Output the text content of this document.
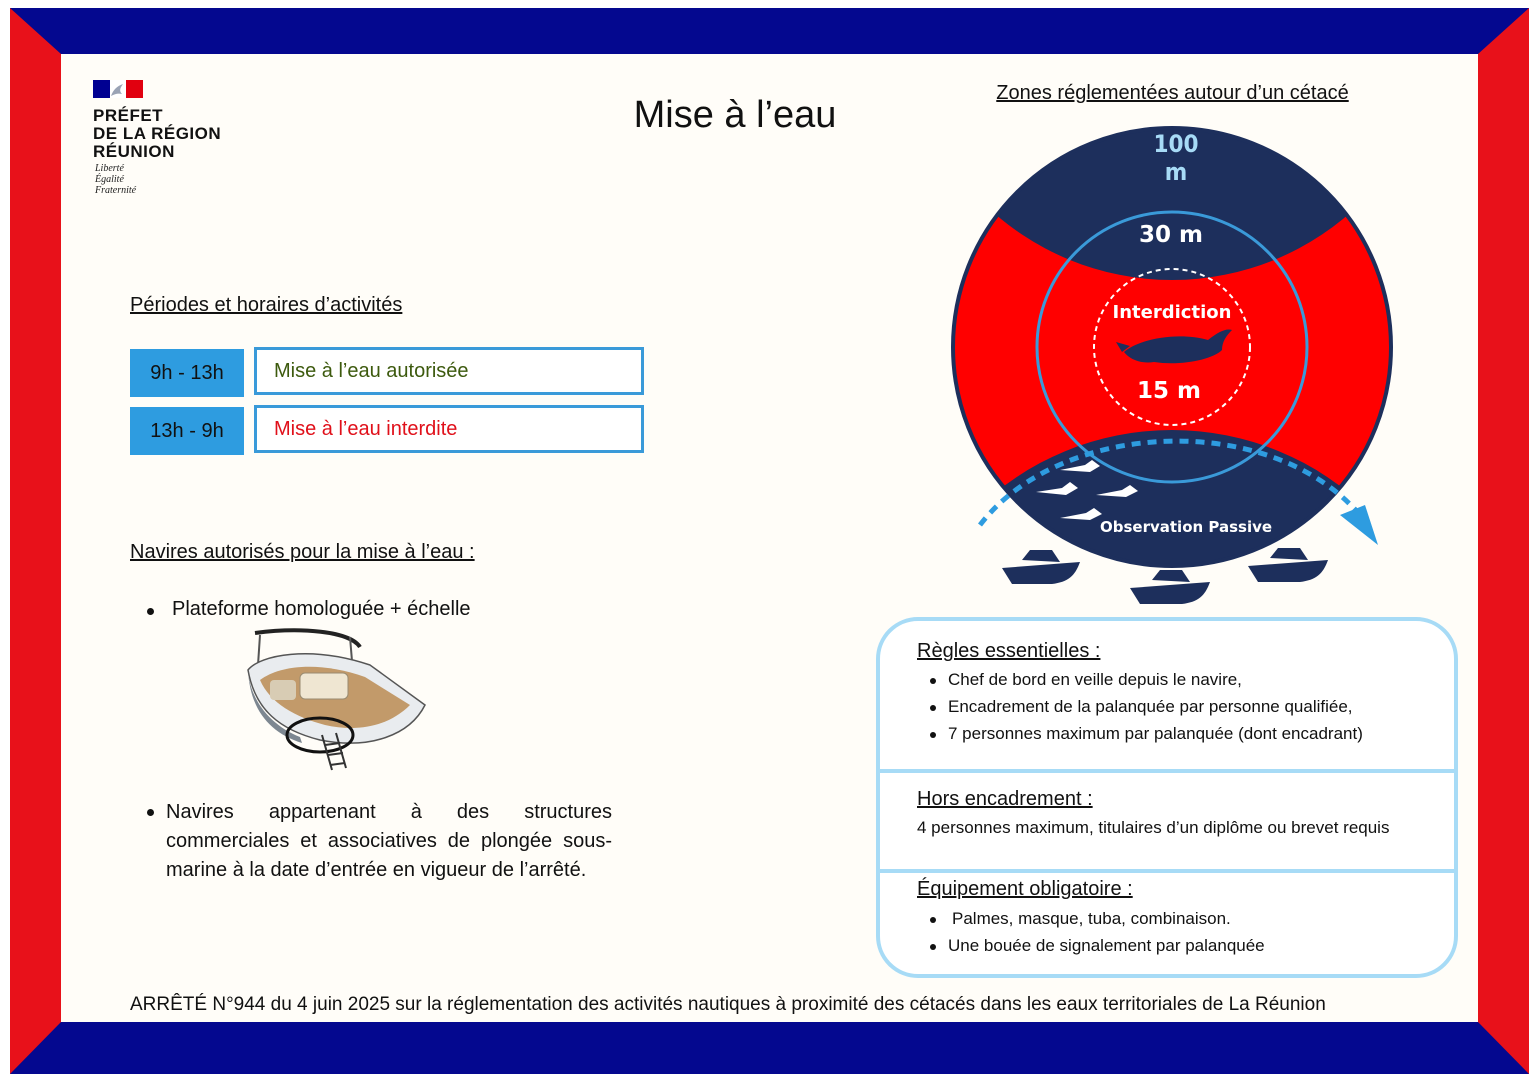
PRÉFET
DE LA RÉGION
RÉUNION
Liberté
Égalité
Fraternité
Mise à l’eau
Périodes et horaires d’activités
9h - 13h	Mise à l’eau autorisée
13h - 9h	Mise à l’eau interdite
Navires autorisés pour la mise à l’eau :
Plateforme homologuée + échelle
Navires appartenant à des structures commerciales et associatives de plongée sous-marine à la date d’entrée en vigueur de l’arrêté.
Zones réglementées autour d’un cétacé
100 m
30 m
Interdiction
15 m
Observation Passive
Règles essentielles :
Chef de bord en veille depuis le navire,
Encadrement de la palanquée par personne qualifiée,
7 personnes maximum par palanquée (dont encadrant)
Hors encadrement :
4 personnes maximum, titulaires d’un diplôme ou brevet requis
Équipement obligatoire :
Palmes, masque, tuba, combinaison.
Une bouée de signalement par palanquée
ARRÊTÉ N°944 du 4 juin 2025 sur la réglementation des activités nautiques à proximité des cétacés dans les eaux territoriales de La Réunion
